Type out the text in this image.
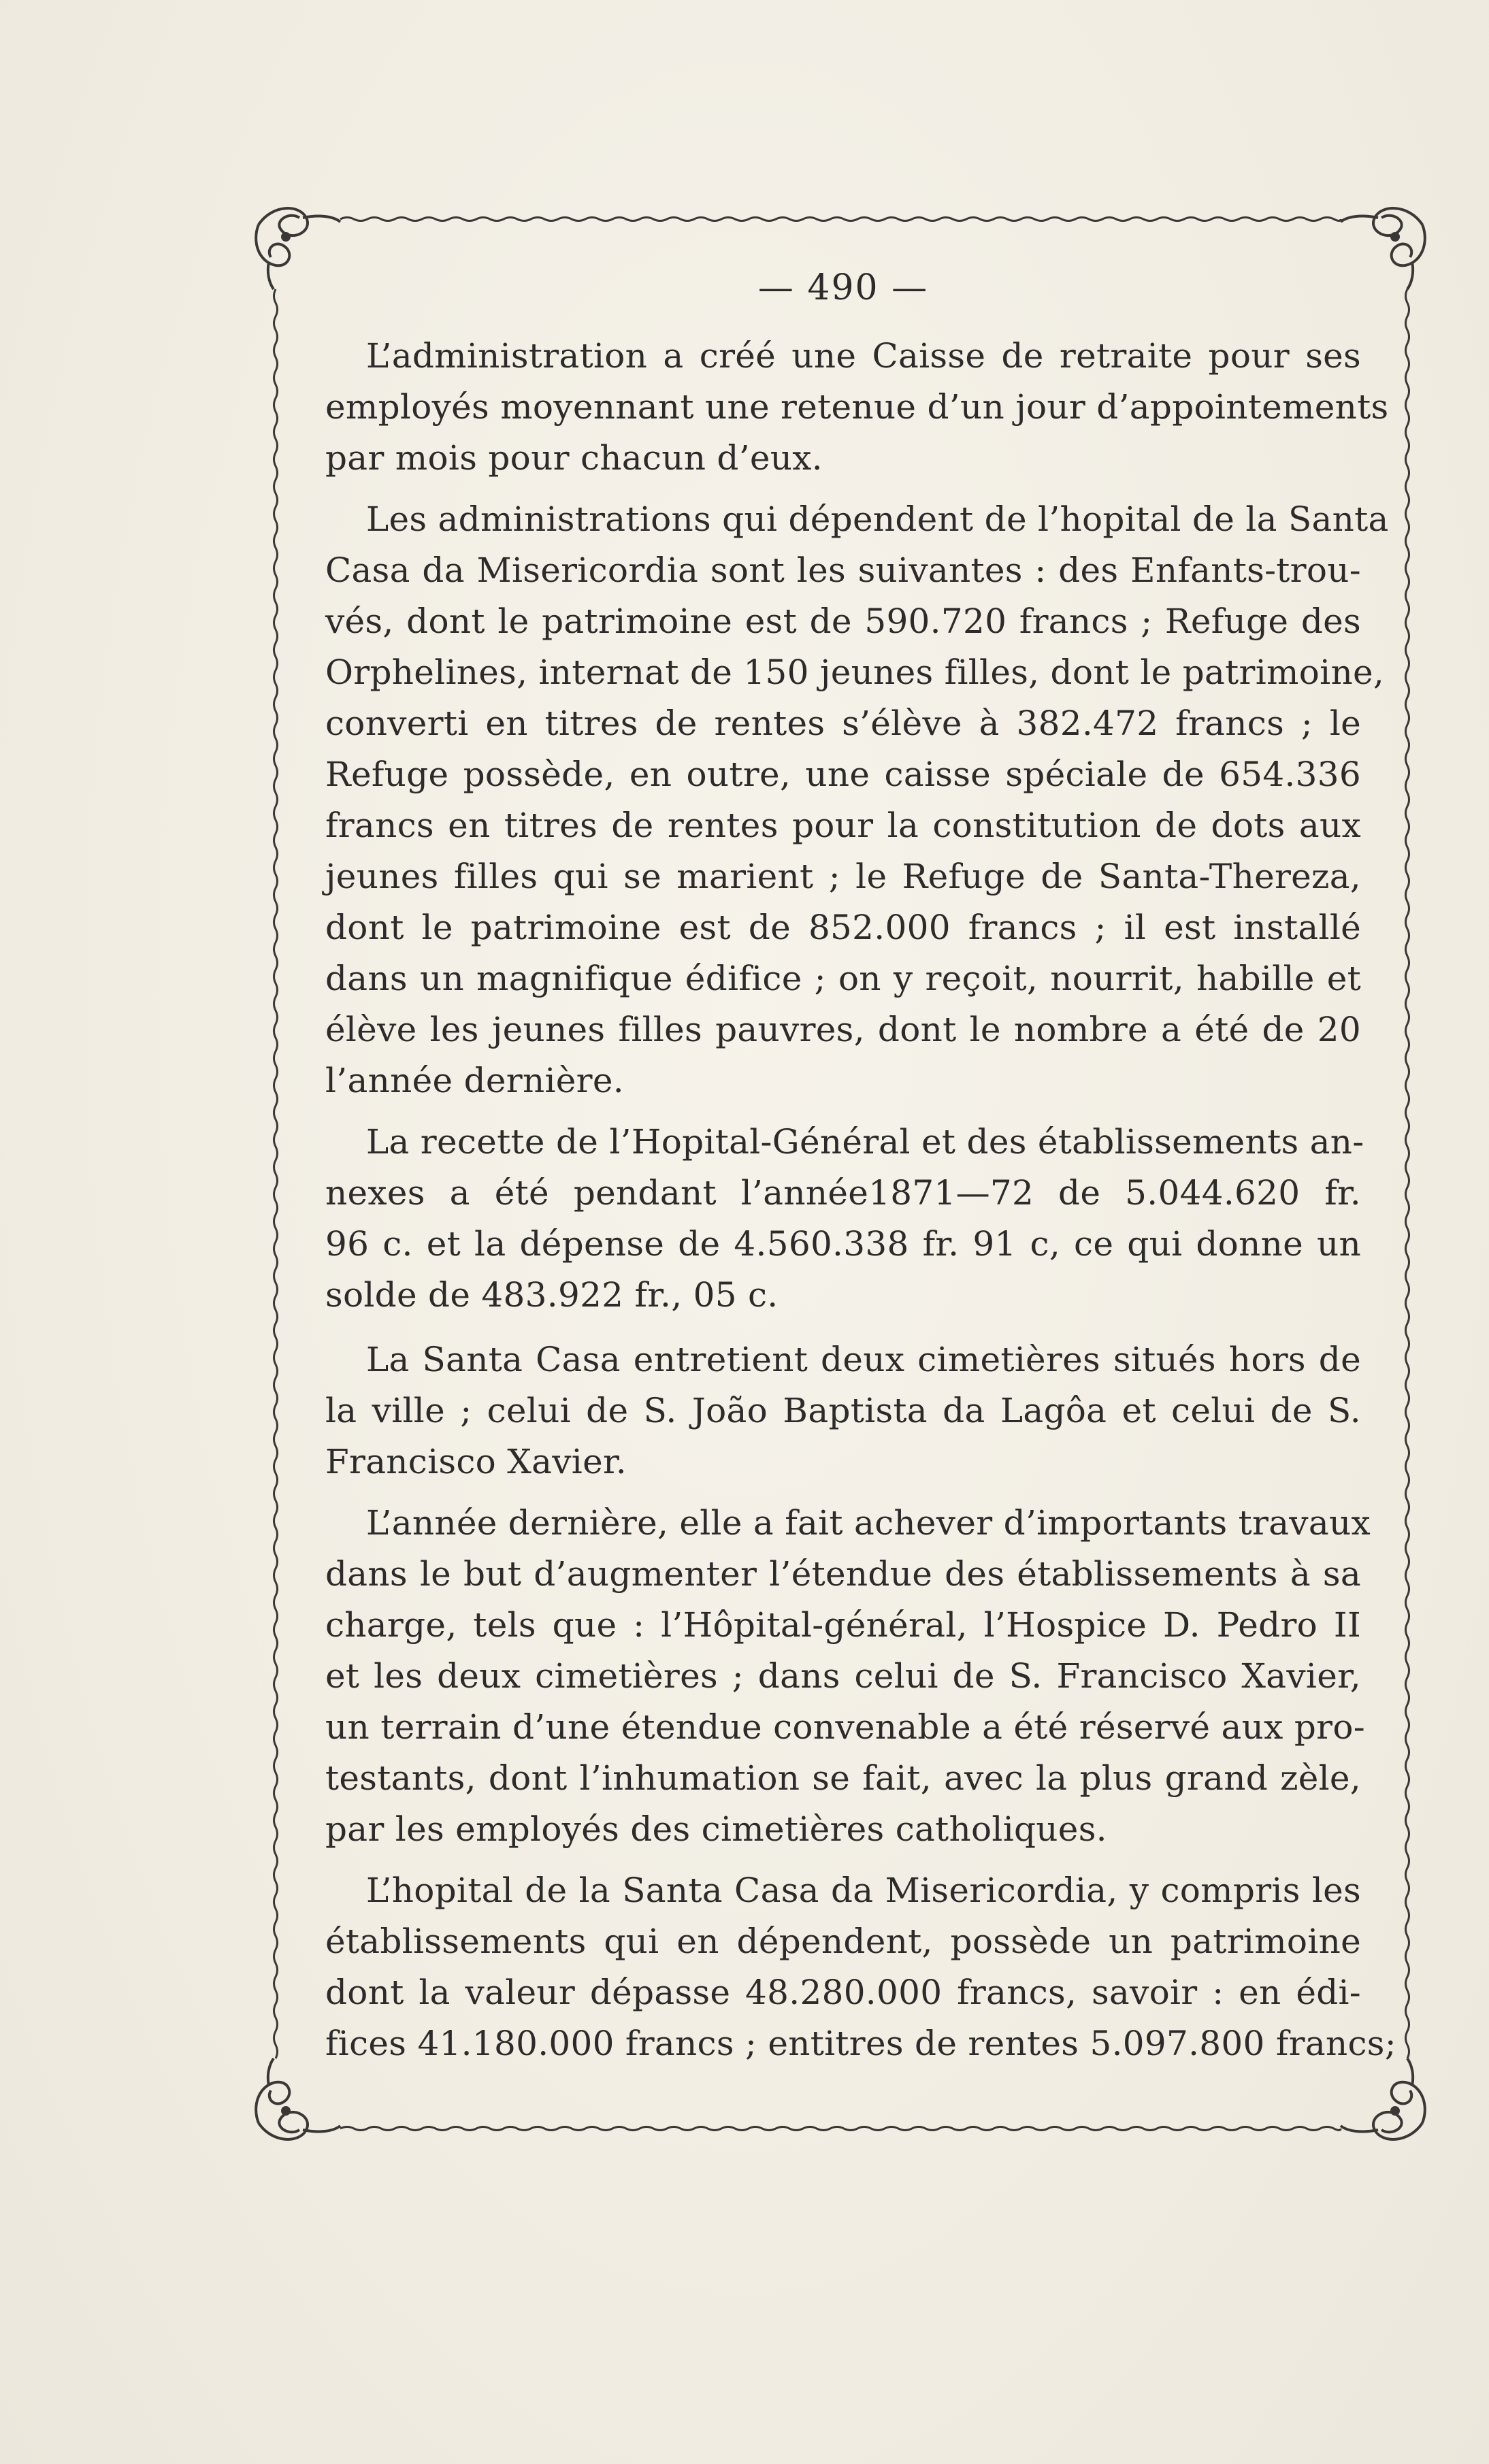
— 490 —
L’administration a créé une Caisse de retraite pour ses
employés moyennant une retenue d’un jour d’appointements
par mois pour chacun d’eux.
Les administrations qui dépendent de l’hopital de la Santa
Casa da Misericordia sont les suivantes : des Enfants-trou-
vés, dont le patrimoine est de 590.720 francs ; Refuge des
Orphelines, internat de 150 jeunes filles, dont le patrimoine,
converti en titres de rentes s’élève à 382.472 francs ; le
Refuge possède, en outre, une caisse spéciale de 654.336
francs en titres de rentes pour la constitution de dots aux
jeunes filles qui se marient ; le Refuge de Santa-Thereza,
dont le patrimoine est de 852.000 francs ; il est installé
dans un magnifique édifice ; on y reçoit, nourrit, habille et
élève les jeunes filles pauvres, dont le nombre a été de 20
l’année dernière.
La recette de l’Hopital-Général et des établissements an-
nexes a été pendant l’année1871—72 de 5.044.620 fr.
96 c. et la dépense de 4.560.338 fr. 91 c, ce qui donne un
solde de 483.922 fr., 05 c.
La Santa Casa entretient deux cimetières situés hors de
la ville ; celui de S. João Baptista da Lagôa et celui de S.
Francisco Xavier.
L’année dernière, elle a fait achever d’importants travaux
dans le but d’augmenter l’étendue des établissements à sa
charge, tels que : l’Hôpital-général, l’Hospice D. Pedro II
et les deux cimetières ; dans celui de S. Francisco Xavier,
un terrain d’une étendue convenable a été réservé aux pro-
testants, dont l’inhumation se fait, avec la plus grand zèle,
par les employés des cimetières catholiques.
L’hopital de la Santa Casa da Misericordia, y compris les
établissements qui en dépendent, possède un patrimoine
dont la valeur dépasse 48.280.000 francs, savoir : en édi-
fices 41.180.000 francs ; entitres de rentes 5.097.800 francs;
